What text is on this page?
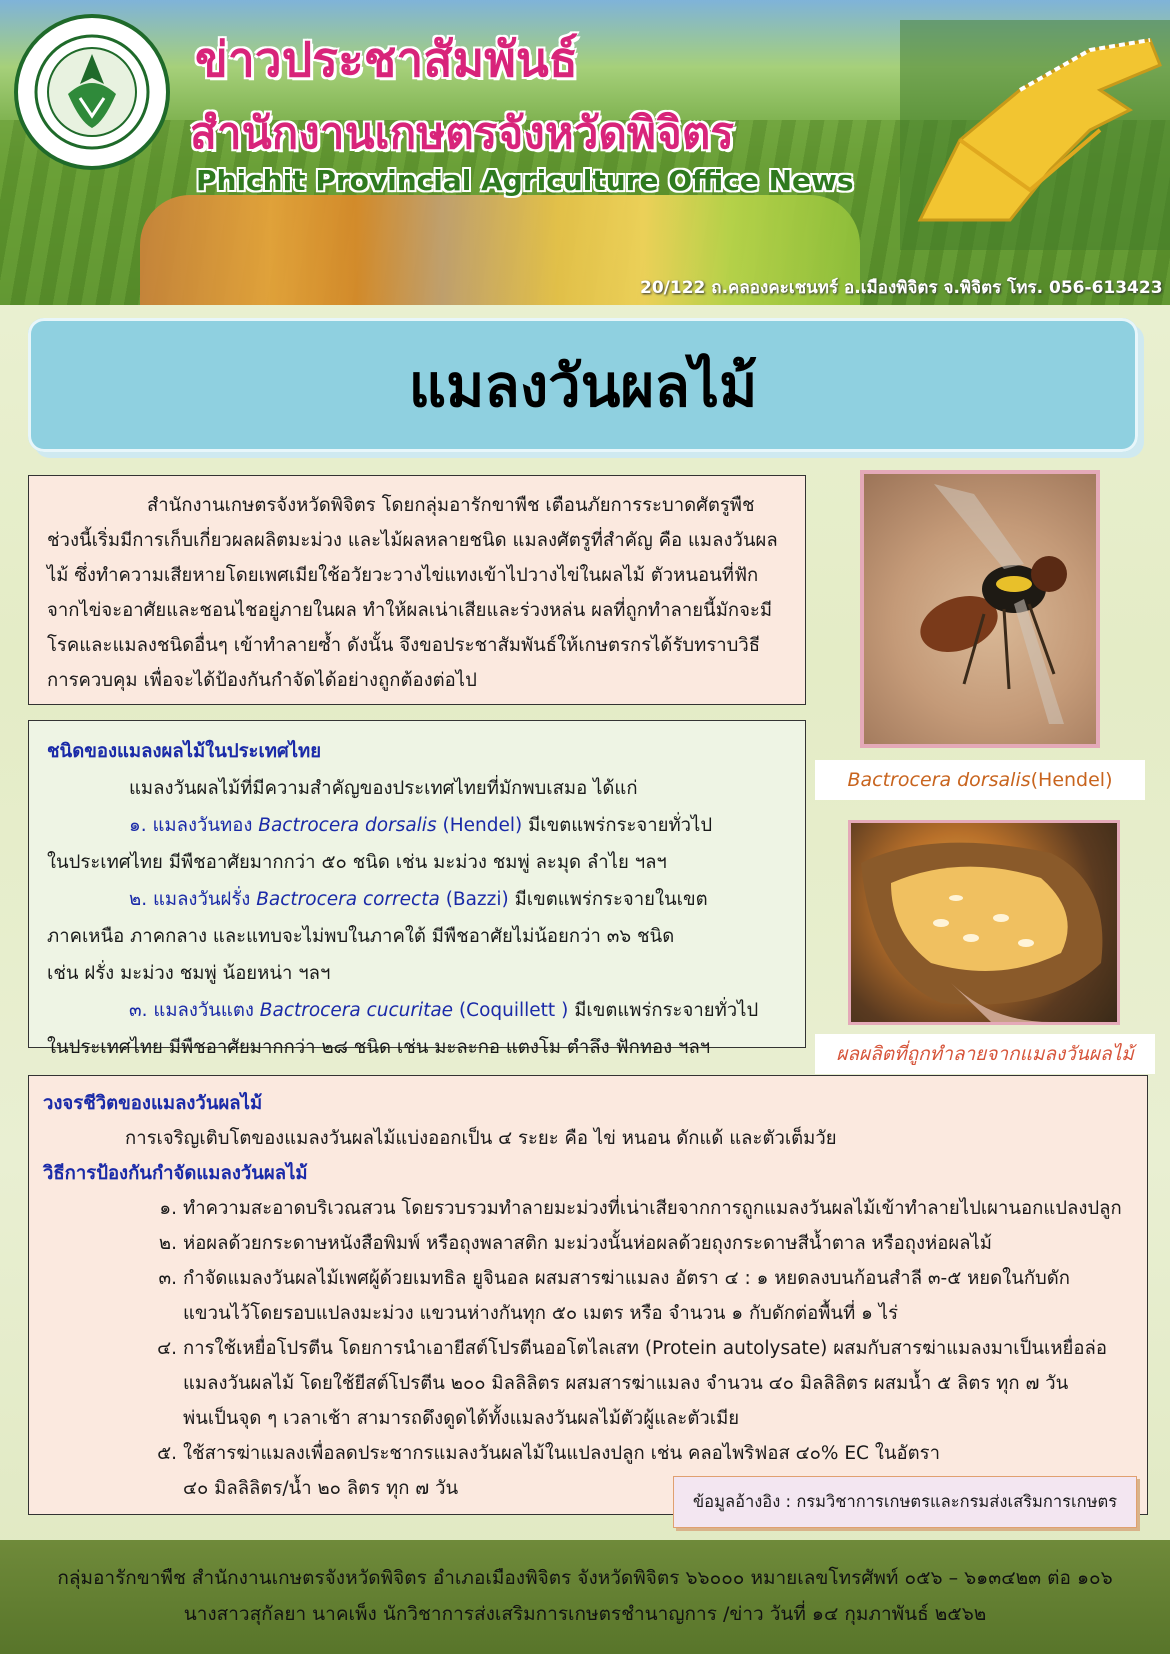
ข่าวประชาสัมพันธ์
สำนักงานเกษตรจังหวัดพิจิตร
Phichit Provincial Agriculture Office News
20/122 ถ.คลองคะเชนทร์ อ.เมืองพิจิตร จ.พิจิตร โทร. 056-613423
แมลงวันผลไม้

สำนักงานเกษตรจังหวัดพิจิตร โดยกลุ่มอารักขาพืช เตือนภัยการระบาดศัตรูพืช ช่วงนี้เริ่มมีการเก็บเกี่ยวผลผลิตมะม่วง และไม้ผลหลายชนิด แมลงศัตรูที่สำคัญ คือ แมลงวันผลไม้ ซึ่งทำความเสียหายโดยเพศเมียใช้อวัยวะวางไข่แทงเข้าไปวางไข่ในผลไม้ ตัวหนอนที่ฟักจากไข่จะอาศัยและชอนไชอยู่ภายในผล ทำให้ผลเน่าเสียและร่วงหล่น ผลที่ถูกทำลายนี้มักจะมีโรคและแมลงชนิดอื่นๆ เข้าทำลายซ้ำ ดังนั้น จึงขอประชาสัมพันธ์ให้เกษตรกรได้รับทราบวิธีการควบคุม เพื่อจะได้ป้องกันกำจัดได้อย่างถูกต้องต่อไป

ชนิดของแมลงผลไม้ในประเทศไทย
แมลงวันผลไม้ที่มีความสำคัญของประเทศไทยที่มักพบเสมอ ได้แก่
๑. แมลงวันทอง Bactrocera dorsalis (Hendel) มีเขตแพร่กระจายทั่วไป
ในประเทศไทย มีพืชอาศัยมากกว่า ๕๐ ชนิด เช่น มะม่วง ชมพู่ ละมุด ลำไย ฯลฯ
๒. แมลงวันฝรั่ง Bactrocera correcta (Bazzi) มีเขตแพร่กระจายในเขต
ภาคเหนือ ภาคกลาง และแทบจะไม่พบในภาคใต้ มีพืชอาศัยไม่น้อยกว่า ๓๖ ชนิด
เช่น ฝรั่ง มะม่วง ชมพู่ น้อยหน่า ฯลฯ
๓. แมลงวันแตง Bactrocera cucuritae (Coquillett ) มีเขตแพร่กระจายทั่วไป
ในประเทศไทย มีพืชอาศัยมากกว่า ๒๘ ชนิด เช่น มะละกอ แตงโม ตำลึง ฟักทอง ฯลฯ
Bactrocera dorsalis (Hendel)
ผลผลิตที่ถูกทำลายจากแมลงวันผลไม้
วงจรชีวิตของแมลงวันผลไม้
การเจริญเติบโตของแมลงวันผลไม้แบ่งออกเป็น ๔ ระยะ คือ ไข่ หนอน ดักแด้ และตัวเต็มวัย
วิธีการป้องกันกำจัดแมลงวันผลไม้
๑. ทำความสะอาดบริเวณสวน โดยรวบรวมทำลายมะม่วงที่เน่าเสียจากการถูกแมลงวันผลไม้เข้าทำลายไปเผานอกแปลงปลูก
๒. ห่อผลด้วยกระดาษหนังสือพิมพ์ หรือถุงพลาสติก มะม่วงนั้นห่อผลด้วยถุงกระดาษสีน้ำตาล หรือถุงห่อผลไม้
๓. กำจัดแมลงวันผลไม้เพศผู้ด้วยเมทธิล ยูจินอล ผสมสารฆ่าแมลง อัตรา ๔ : ๑ หยดลงบนก้อนสำลี ๓-๕ หยดในกับดัก
แขวนไว้โดยรอบแปลงมะม่วง แขวนห่างกันทุก ๕๐ เมตร หรือ จำนวน ๑ กับดักต่อพื้นที่ ๑ ไร่
๔. การใช้เหยื่อโปรตีน โดยการนำเอายีสต์โปรตีนออโตไลเสท (Protein autolysate) ผสมกับสารฆ่าแมลงมาเป็นเหยื่อล่อ
แมลงวันผลไม้ โดยใช้ยีสต์โปรตีน ๒๐๐ มิลลิลิตร ผสมสารฆ่าแมลง จำนวน ๔๐ มิลลิลิตร ผสมน้ำ ๕ ลิตร ทุก ๗ วัน
พ่นเป็นจุด ๆ เวลาเช้า สามารถดึงดูดได้ทั้งแมลงวันผลไม้ตัวผู้และตัวเมีย
๕. ใช้สารฆ่าแมลงเพื่อลดประชากรแมลงวันผลไม้ในแปลงปลูก เช่น คลอไพริฟอส ๔๐% EC ในอัตรา
๔๐ มิลลิลิตร/น้ำ ๒๐ ลิตร ทุก ๗ วัน
ข้อมูลอ้างอิง : กรมวิชาการเกษตรและกรมส่งเสริมการเกษตร
กลุ่มอารักขาพืช สำนักงานเกษตรจังหวัดพิจิตร อำเภอเมืองพิจิตร จังหวัดพิจิตร ๖๖๐๐๐ หมายเลขโทรศัพท์ ๐๕๖ – ๖๑๓๔๒๓ ต่อ ๑๐๖
นางสาวสุกัลยา นาคเพ็ง นักวิชาการส่งเสริมการเกษตรชำนาญการ /ข่าว วันที่ ๑๔ กุมภาพันธ์ ๒๕๖๒
